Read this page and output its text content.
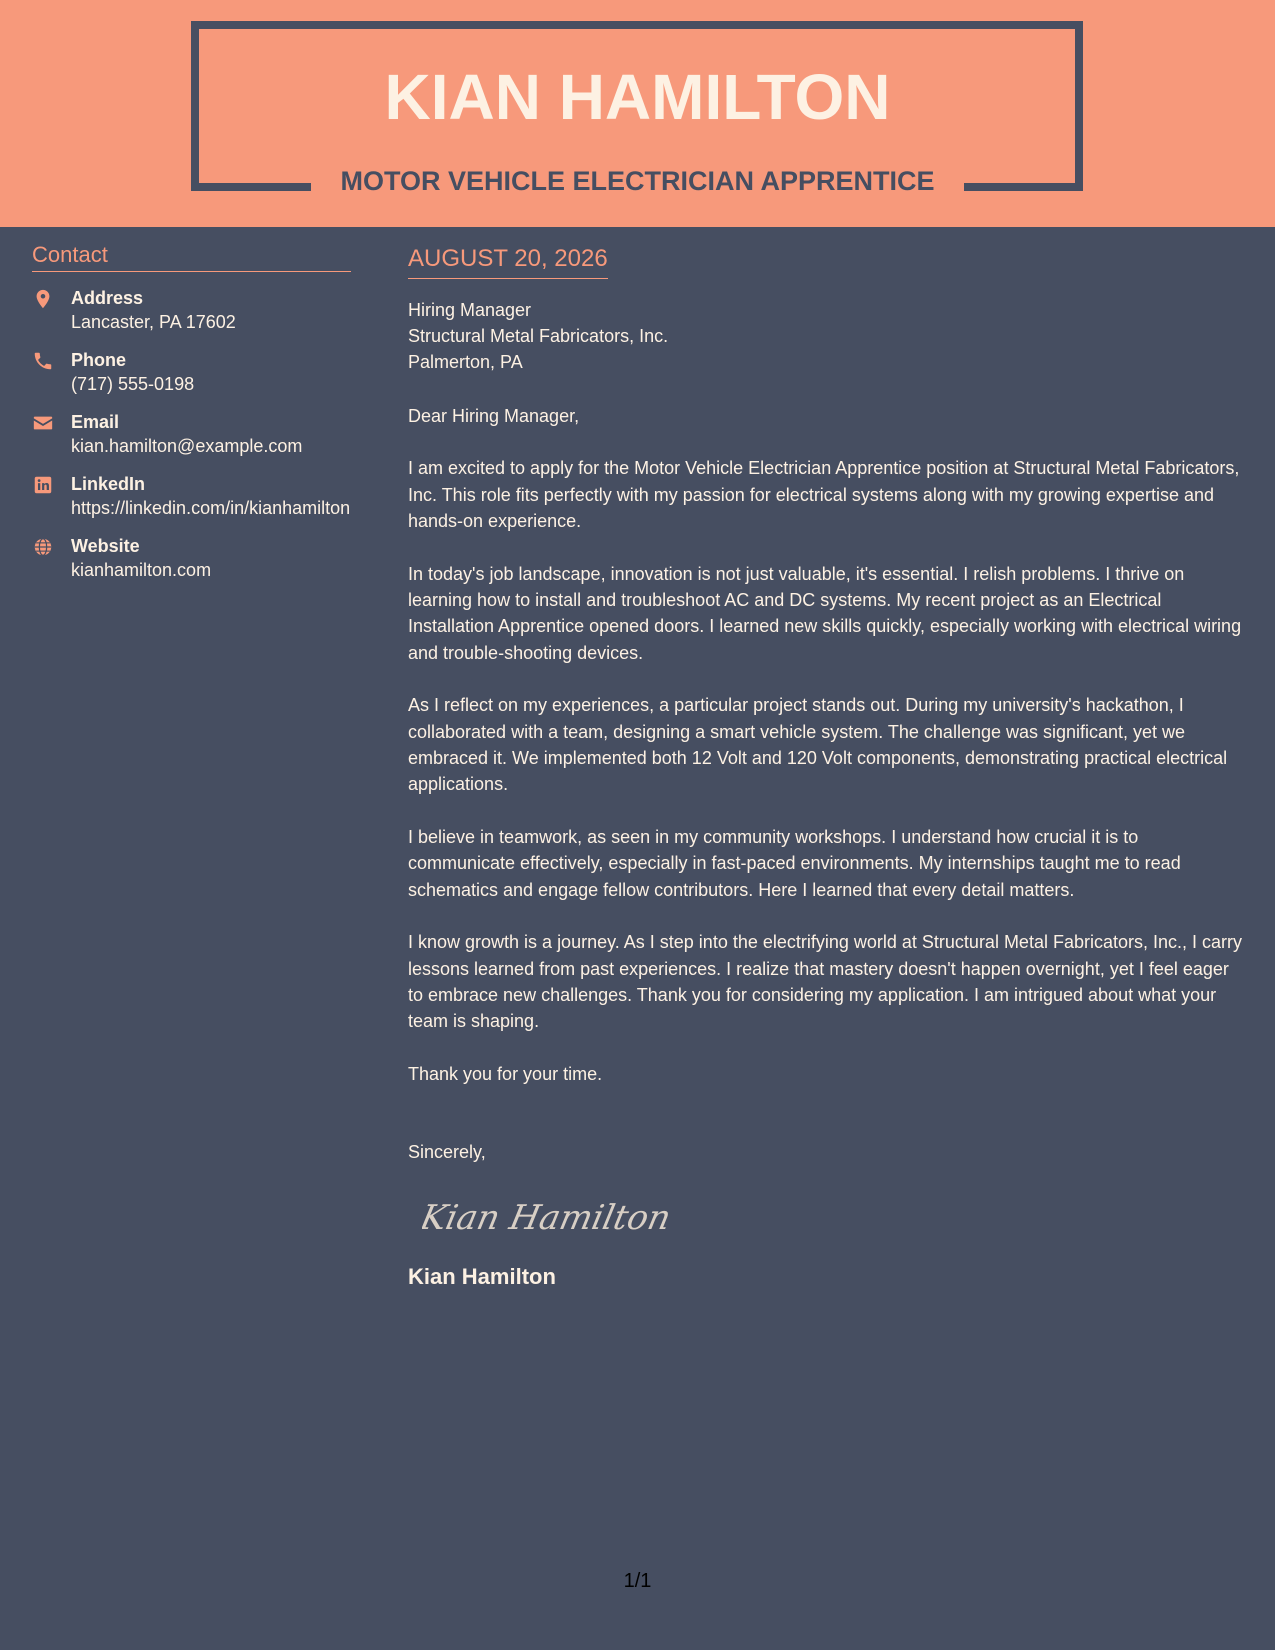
KIAN HAMILTON
MOTOR VEHICLE ELECTRICIAN APPRENTICE
Contact
Address
Lancaster, PA 17602
Phone
(717) 555-0198
Email
kian.hamilton@example.com
LinkedIn
https://linkedin.com/in/kianhamilton
Website
kianhamilton.com
AUGUST 20, 2026
Hiring Manager
Structural Metal Fabricators, Inc.
Palmerton, PA
Dear Hiring Manager,
I am excited to apply for the Motor Vehicle Electrician Apprentice position at Structural Metal Fabricators, Inc. This role fits perfectly with my passion for electrical systems along with my growing expertise and hands-on experience.
In today's job landscape, innovation is not just valuable, it's essential. I relish problems. I thrive on learning how to install and troubleshoot AC and DC systems. My recent project as an Electrical Installation Apprentice opened doors. I learned new skills quickly, especially working with electrical wiring and trouble-shooting devices.
As I reflect on my experiences, a particular project stands out. During my university's hackathon, I collaborated with a team, designing a smart vehicle system. The challenge was significant, yet we embraced it. We implemented both 12 Volt and 120 Volt components, demonstrating practical electrical applications.
I believe in teamwork, as seen in my community workshops. I understand how crucial it is to communicate effectively, especially in fast-paced environments. My internships taught me to read schematics and engage fellow contributors. Here I learned that every detail matters.
I know growth is a journey. As I step into the electrifying world at Structural Metal Fabricators, Inc., I carry lessons learned from past experiences. I realize that mastery doesn't happen overnight, yet I feel eager to embrace new challenges. Thank you for considering my application. I am intrigued about what your team is shaping.
Thank you for your time.
Sincerely,
Kian Hamilton
Kian Hamilton
1/1
